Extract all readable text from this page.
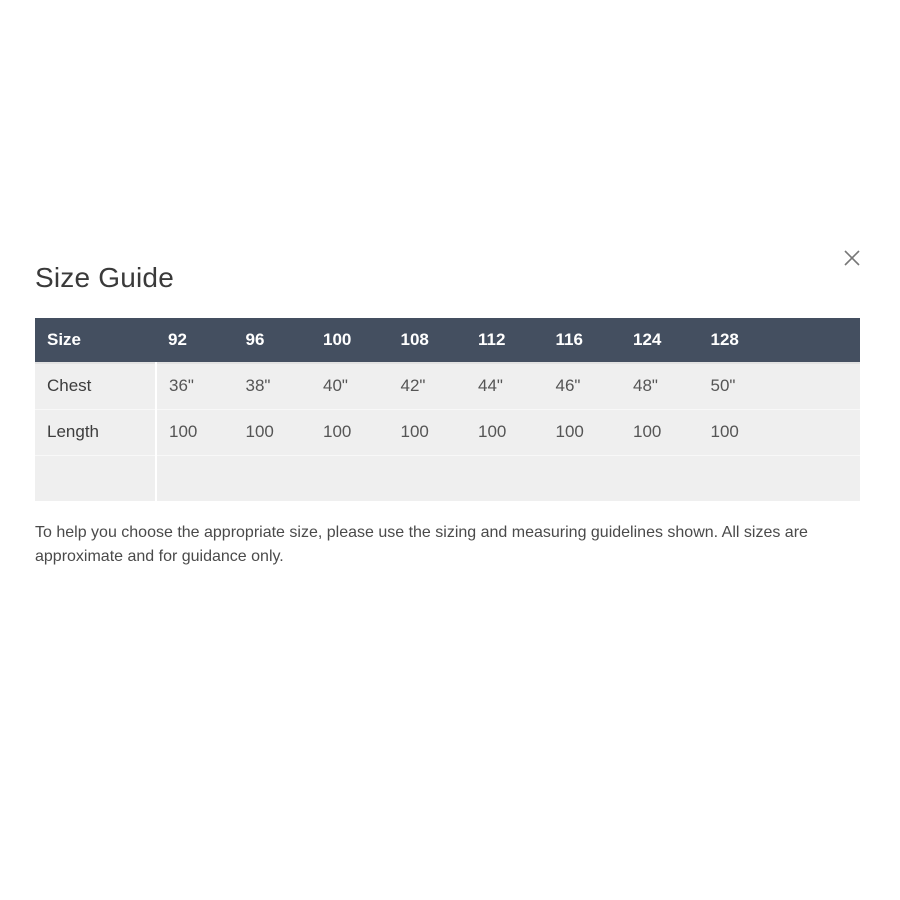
Size Guide
Size	92	96	100	108	112	116	124	128	
Chest	36"	38"	40"	42"	44"	46"	48"	50"	
Length	100	100	100	100	100	100	100	100	

To help you choose the appropriate size, please use the sizing and measuring guidelines shown. All sizes are approximate and for guidance only.
